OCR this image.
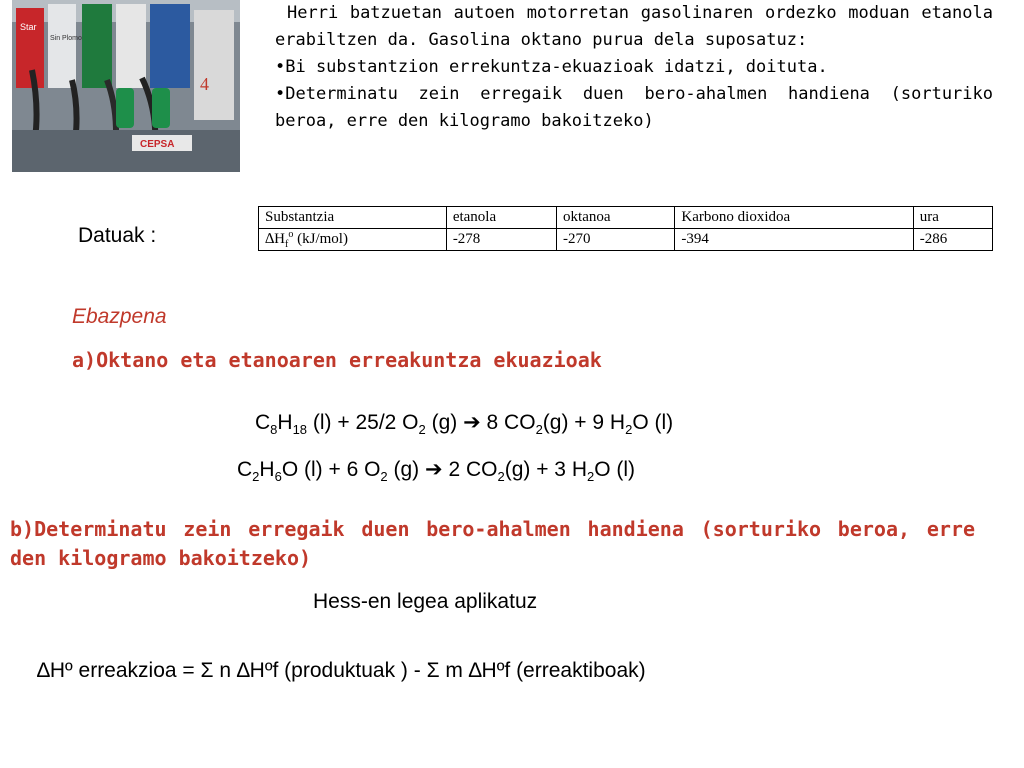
Star
Sin Plomo
4
CEPSA

Herri batzuetan autoen motorretan gasolinaren ordezko moduan etanola erabiltzen da. Gasolina oktano purua dela suposatuz:

•Bi substantzion errekuntza-ekuazioak idatzi, doituta.

•Determinatu zein erregaik duen bero-ahalmen handiena (sorturiko beroa, erre den kilogramo bakoitzeko)

Datuak :
Substantzia	etanola	oktanoa	Karbono dioxidoa	ura
$\Delta H_f^o$ (kJ/mol)	-278	-270	-394	-286
Ebazpena
a)Oktano eta etanoaren erreakuntza ekuazioak
$C_8H_{18}$ (l) + 25/2 $O_2$ (g) ➔ 8 $CO_2(g) + 9$ $H_2O$ (l)
$C_2H_6O$ (l) + 6 $O_2$ (g) ➔ 2 $CO_2(g) + 3$ $H_2O$ (l)
b)Determinatu zein erregaik duen bero-ahalmen handiena (sorturiko beroa, erre den kilogramo bakoitzeko)
Hess-en legea aplikatuz
∆Hº erreakzioa = Σ n ∆Hºf (produktuak ) - Σ m ∆Hºf (erreaktiboak)
